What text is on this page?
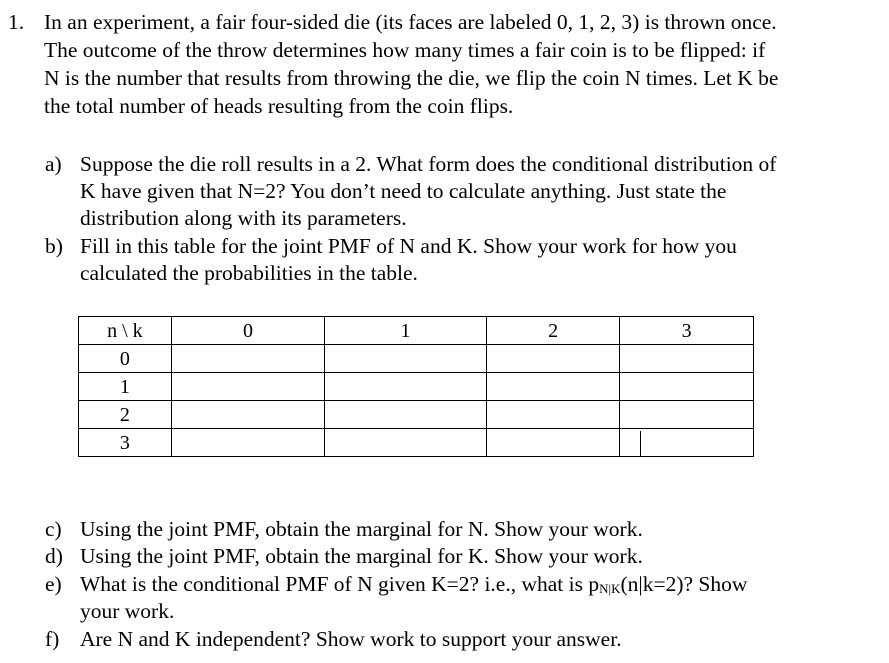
1. In an experiment, a fair four-sided die (its faces are labeled 0, 1, 2, 3) is thrown once.
The outcome of the throw determines how many times a fair coin is to be flipped: if
N is the number that results from throwing the die, we flip the coin N times. Let K be
the total number of heads resulting from the coin flips.
a) Suppose the die roll results in a 2. What form does the conditional distribution of
K have given that N=2? You don’t need to calculate anything. Just state the
distribution along with its parameters.
b) Fill in this table for the joint PMF of N and K. Show your work for how you
calculated the probabilities in the table.
n \ k	0	1	2	3
0				
1				
2				
3				
c) Using the joint PMF, obtain the marginal for N. Show your work.
d) Using the joint PMF, obtain the marginal for K. Show your work.
e) What is the conditional PMF of N given K=2? i.e., what is $p_{N|K}(n|k=2)$? Show
your work.
f) Are N and K independent? Show work to support your answer.
